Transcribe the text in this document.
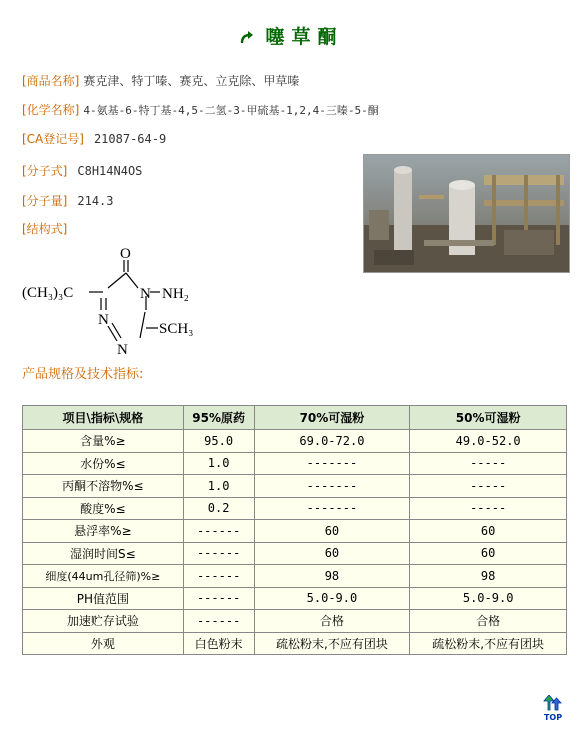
噻草酮
[商品名称] 赛克津、特丁嗪、赛克、立克除、甲草嗪
[化学名称] 4-氨基-6-特丁基-4,5-二氢-3-甲硫基-1,2,4-三嗪-5-酮
[CA登记号] 21087-64-9
[分子式] C8H14N4OS
[分子量] 214.3
[结构式]
O
(CH₃)₃C	N NH₂
N
SCH₃
N
产品规格及技术指标:
项目\指标\规格	95%原药	70%可湿粉	50%可湿粉
含量%≥	95.0	69.0-72.0	49.0-52.0
水份%≤	1.0	-------	-----
丙酮不溶物%≤	1.0	-------	-----
酸度%≤	0.2	-------	-----
悬浮率%≥	------	60	60
湿润时间S≤	------	60	60
细度(44um孔径筛)%≥	------	98	98
PH值范围	------	5.0-9.0	5.0-9.0
加速贮存试验	------	合格	合格
外观	白色粉末	疏松粉末,不应有团块	疏松粉末,不应有团块
TOP
